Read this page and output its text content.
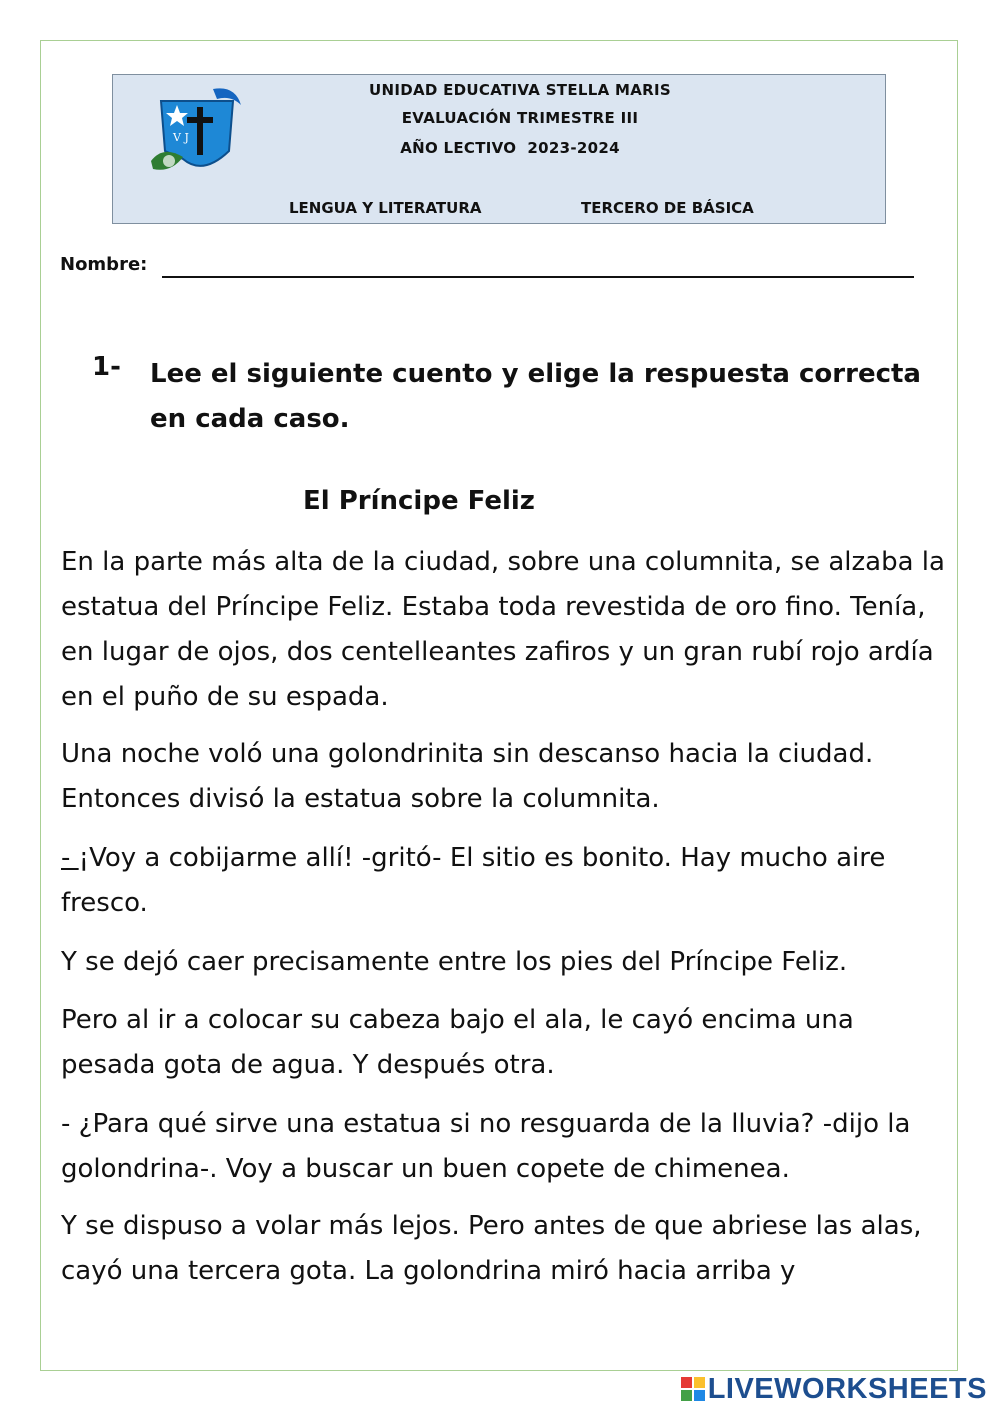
V J
UNIDAD EDUCATIVA STELLA MARIS
EVALUACIÓN TRIMESTRE III
AÑO LECTIVO  2023-2024
LENGUA Y LITERATURA	TERCERO DE BÁSICA
Nombre:
1- Lee el siguiente cuento y elige la respuesta correcta en cada caso.
El Príncipe Feliz
En la parte más alta de la ciudad, sobre una columnita, se alzaba la estatua del Príncipe Feliz. Estaba toda revestida de oro fino. Tenía, en lugar de ojos, dos centelleantes zafiros y un gran rubí rojo ardía en el puño de su espada.
Una noche voló una golondrinita sin descanso hacia la ciudad. Entonces divisó la estatua sobre la columnita.
- ¡Voy a cobijarme allí! -gritó- El sitio es bonito. Hay mucho aire fresco.
Y se dejó caer precisamente entre los pies del Príncipe Feliz.
Pero al ir a colocar su cabeza bajo el ala, le cayó encima una pesada gota de agua. Y después otra.
- ¿Para qué sirve una estatua si no resguarda de la lluvia? -dijo la golondrina-. Voy a buscar un buen copete de chimenea.
Y se dispuso a volar más lejos. Pero antes de que abriese las alas, cayó una tercera gota. La golondrina miró hacia arriba y
LIVEWORKSHEETS
